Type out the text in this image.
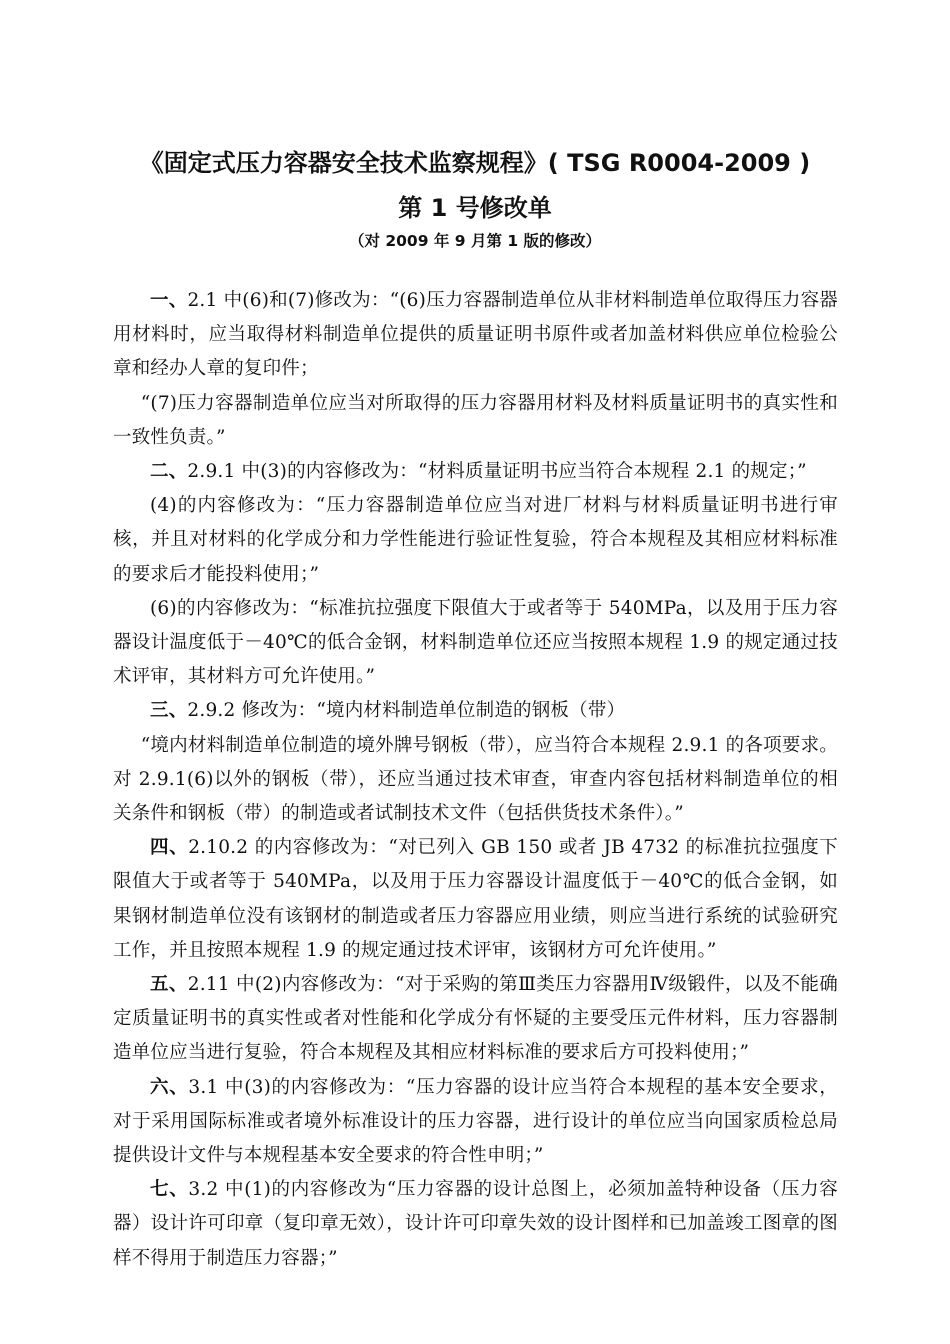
《固定式压力容器安全技术监察规程》( TSG R0004-2009 )
第 1 号修改单
（对 2009 年 9 月第 1 版的修改）

一、2.1 中(6)和(7)修改为：“(6)压力容器制造单位从非材料制造单位取得压力容器用材料时，应当取得材料制造单位提供的质量证明书原件或者加盖材料供应单位检验公章和经办人章的复印件；

“(7)压力容器制造单位应当对所取得的压力容器用材料及材料质量证明书的真实性和一致性负责。”

二、2.9.1 中(3)的内容修改为：“材料质量证明书应当符合本规程 2.1 的规定；”

(4)的内容修改为：“压力容器制造单位应当对进厂材料与材料质量证明书进行审核，并且对材料的化学成分和力学性能进行验证性复验，符合本规程及其相应材料标准的要求后才能投料使用；”

(6)的内容修改为：“标准抗拉强度下限值大于或者等于 540MPa，以及用于压力容器设计温度低于－40℃的低合金钢，材料制造单位还应当按照本规程 1.9 的规定通过技术评审，其材料方可允许使用。”

三、2.9.2 修改为：“境内材料制造单位制造的钢板（带）

“境内材料制造单位制造的境外牌号钢板（带），应当符合本规程 2.9.1 的各项要求。对 2.9.1(6)以外的钢板（带），还应当通过技术审查，审查内容包括材料制造单位的相关条件和钢板（带）的制造或者试制技术文件（包括供货技术条件）。”

四、2.10.2 的内容修改为：“对已列入 GB 150 或者 JB 4732 的标准抗拉强度下限值大于或者等于 540MPa，以及用于压力容器设计温度低于－40℃的低合金钢，如果钢材制造单位没有该钢材的制造或者压力容器应用业绩，则应当进行系统的试验研究工作，并且按照本规程 1.9 的规定通过技术评审，该钢材方可允许使用。”

五、2.11 中(2)内容修改为：“对于采购的第Ⅲ类压力容器用Ⅳ级锻件，以及不能确定质量证明书的真实性或者对性能和化学成分有怀疑的主要受压元件材料，压力容器制造单位应当进行复验，符合本规程及其相应材料标准的要求后方可投料使用；”

六、3.1 中(3)的内容修改为：“压力容器的设计应当符合本规程的基本安全要求，对于采用国际标准或者境外标准设计的压力容器，进行设计的单位应当向国家质检总局提供设计文件与本规程基本安全要求的符合性申明；”

七、3.2 中(1)的内容修改为“压力容器的设计总图上，必须加盖特种设备（压力容器）设计许可印章（复印章无效），设计许可印章失效的设计图样和已加盖竣工图章的图样不得用于制造压力容器；”
